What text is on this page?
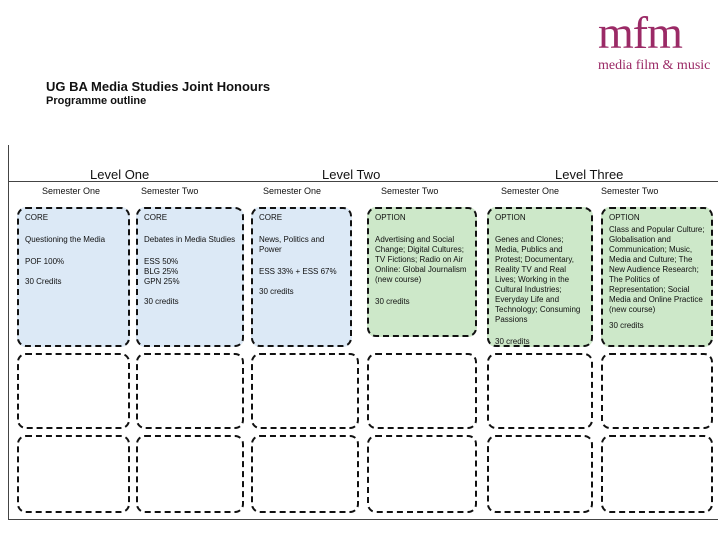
mfm
media film & music
UG BA Media Studies Joint Honours
Programme outline
Level One	Level Two	Level Three
Semester One	Semester Two	Semester One	Semester Two	Semester One	Semester Two
CORE
Questioning the Media
POF 100%
30 Credits
CORE
Debates in Media Studies
ESS 50%
BLG 25%
GPN 25%
30 credits
CORE
News, Politics and Power
ESS 33% + ESS 67%
30 credits
OPTION
Advertising and Social Change; Digital Cultures; TV Fictions; Radio on Air Online: Global Journalism (new course)
30 credits
OPTION
Genes and Clones; Media, Publics and Protest; Documentary, Reality TV and Real Lives; Working in the Cultural Industries; Everyday Life and Technology; Consuming Passions
30 credits
OPTION
Class and Popular Culture; Globalisation and Communication; Music, Media and Culture; The New Audience Research; The Politics of Representation; Social Media and Online Practice (new course)
30 credits
